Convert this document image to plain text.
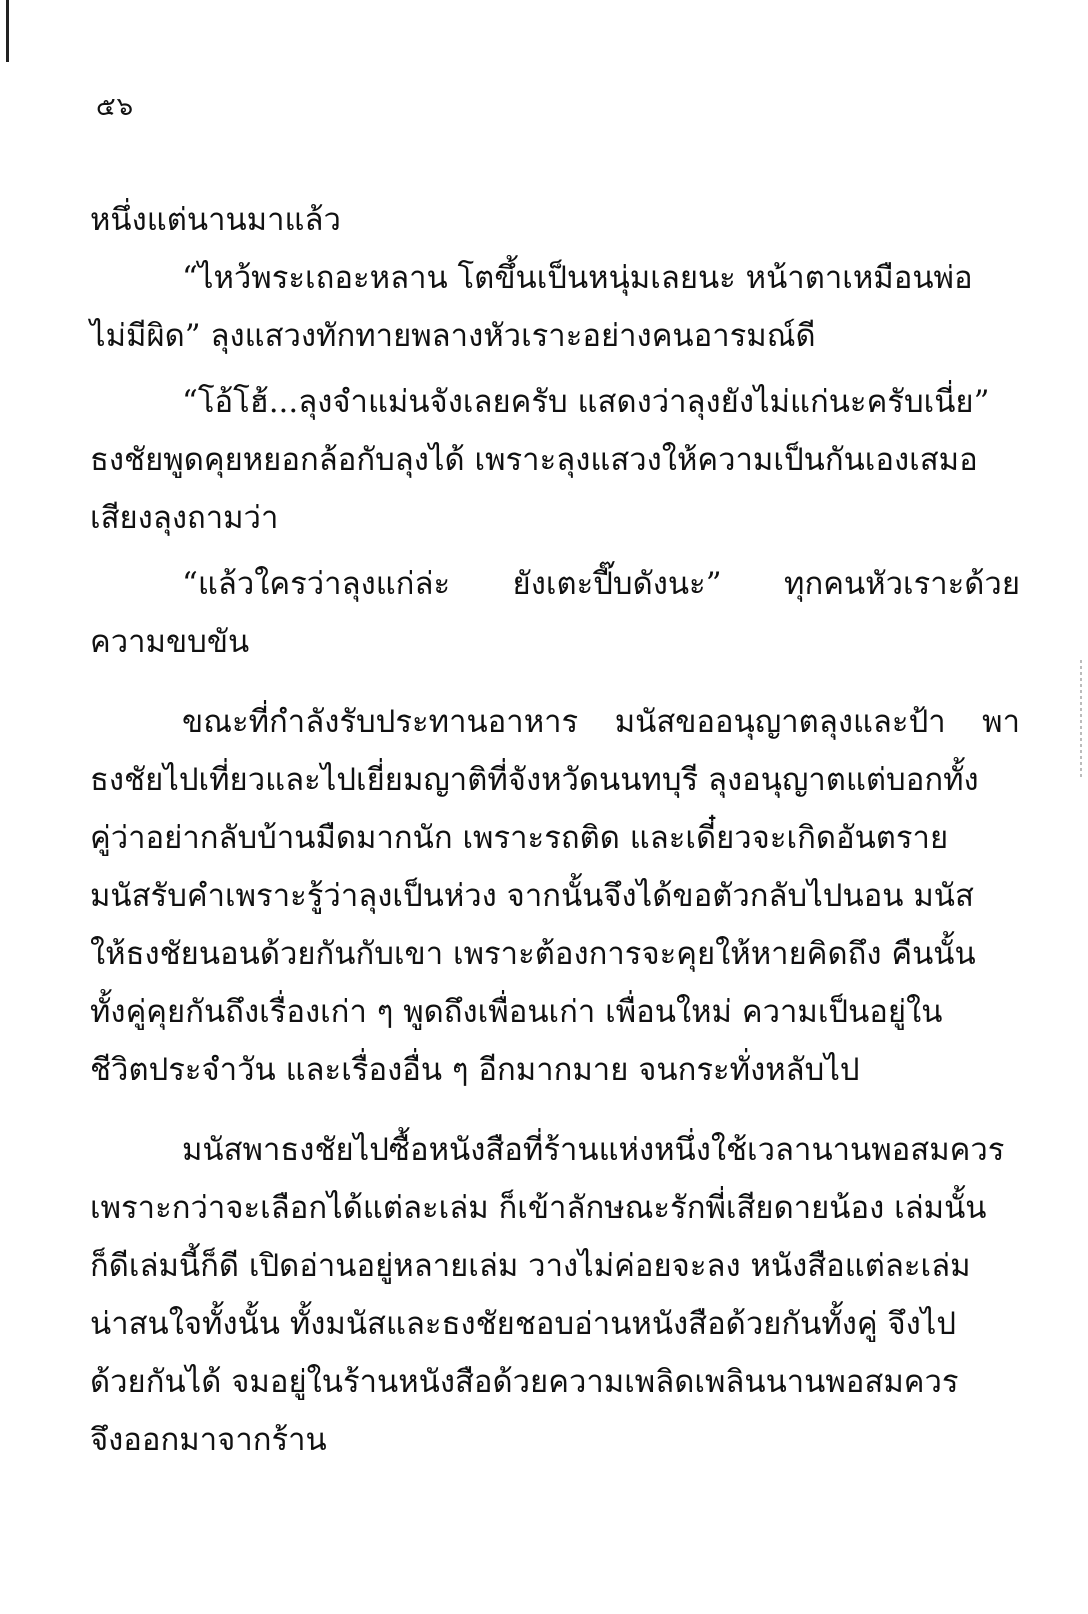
๕๖
หนึ่งแต่นานมาแล้ว
“ไหว้พระเถอะหลาน โตขึ้นเป็นหนุ่มเลยนะ หน้าตาเหมือนพ่อ
ไม่มีผิด” ลุงแสวงทักทายพลางหัวเราะอย่างคนอารมณ์ดี
“โอ้โฮ้...ลุงจำแม่นจังเลยครับ แสดงว่าลุงยังไม่แก่นะครับเนี่ย”
ธงชัยพูดคุยหยอกล้อกับลุงได้ เพราะลุงแสวงให้ความเป็นกันเองเสมอ
เสียงลุงถามว่า
“แล้วใครว่าลุงแก่ล่ะ ยังเตะปี๊บดังนะ” ทุกคนหัวเราะด้วย
ความขบขัน
ขณะที่กำลังรับประทานอาหาร มนัสขออนุญาตลุงและป้า พา
ธงชัยไปเที่ยวและไปเยี่ยมญาติที่จังหวัดนนทบุรี ลุงอนุญาตแต่บอกทั้ง
คู่ว่าอย่ากลับบ้านมืดมากนัก เพราะรถติด และเดี๋ยวจะเกิดอันตราย
มนัสรับคำเพราะรู้ว่าลุงเป็นห่วง จากนั้นจึงได้ขอตัวกลับไปนอน มนัส
ให้ธงชัยนอนด้วยกันกับเขา เพราะต้องการจะคุยให้หายคิดถึง คืนนั้น
ทั้งคู่คุยกันถึงเรื่องเก่า ๆ พูดถึงเพื่อนเก่า เพื่อนใหม่ ความเป็นอยู่ใน
ชีวิตประจำวัน และเรื่องอื่น ๆ อีกมากมาย จนกระทั่งหลับไป
มนัสพาธงชัยไปซื้อหนังสือที่ร้านแห่งหนึ่งใช้เวลานานพอสมควร
เพราะกว่าจะเลือกได้แต่ละเล่ม ก็เข้าลักษณะรักพี่เสียดายน้อง เล่มนั้น
ก็ดีเล่มนี้ก็ดี เปิดอ่านอยู่หลายเล่ม วางไม่ค่อยจะลง หนังสือแต่ละเล่ม
น่าสนใจทั้งนั้น ทั้งมนัสและธงชัยชอบอ่านหนังสือด้วยกันทั้งคู่ จึงไป
ด้วยกันได้ จมอยู่ในร้านหนังสือด้วยความเพลิดเพลินนานพอสมควร
จึงออกมาจากร้าน
